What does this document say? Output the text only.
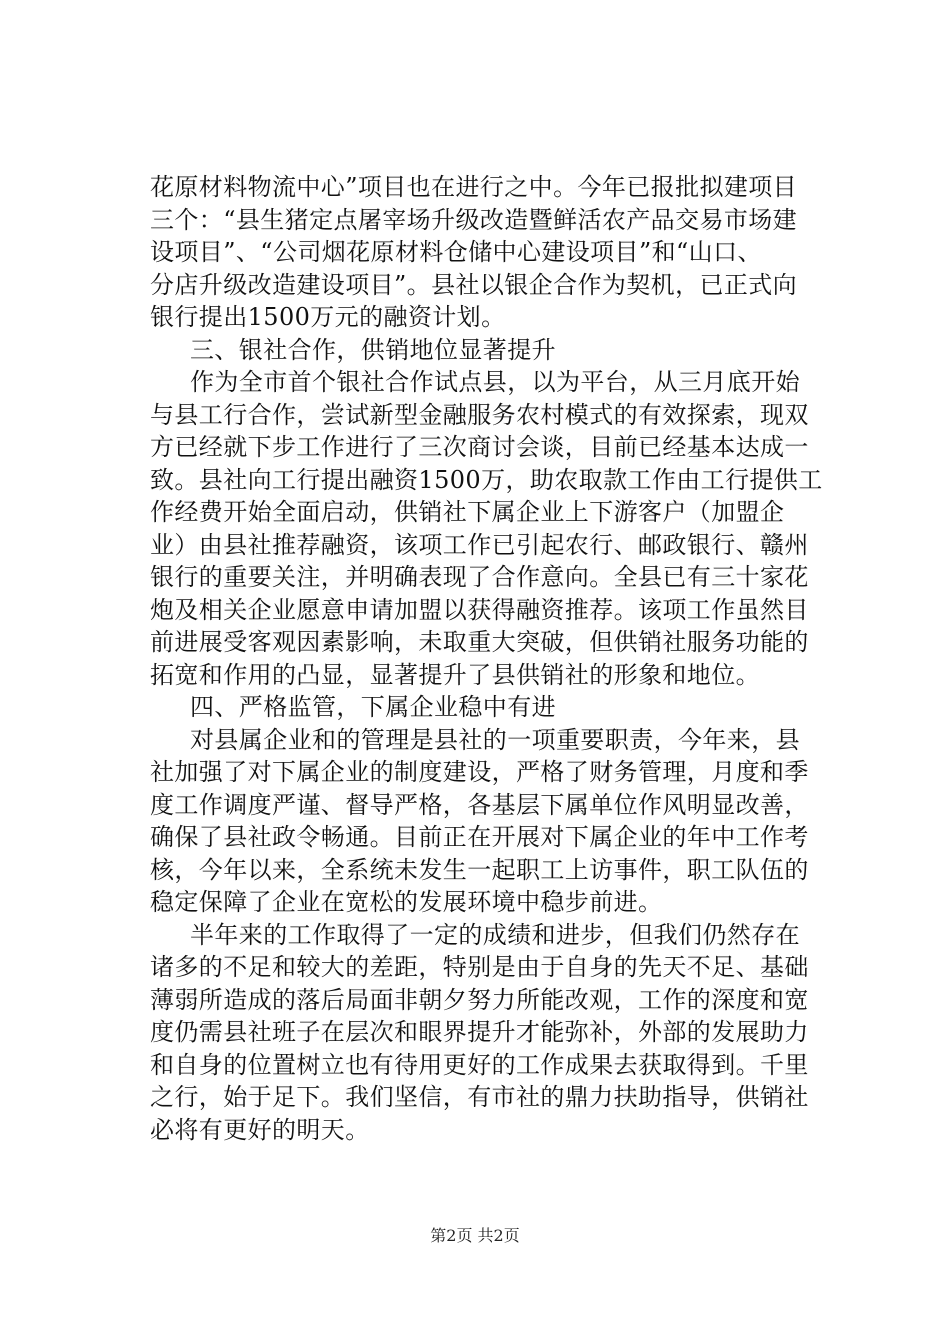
花原材料物流中心”项目也在进行之中。今年已报批拟建项目
三个：“县生猪定点屠宰场升级改造暨鲜活农产品交易市场建
设项目”、“公司烟花原材料仓储中心建设项目”和“山口、
分店升级改造建设项目”。县社以银企合作为契机，已正式向
银行提出1500万元的融资计划。
三、银社合作，供销地位显著提升
作为全市首个银社合作试点县，以为平台，从三月底开始
与县工行合作，尝试新型金融服务农村模式的有效探索，现双
方已经就下步工作进行了三次商讨会谈，目前已经基本达成一
致。县社向工行提出融资1500万，助农取款工作由工行提供工
作经费开始全面启动，供销社下属企业上下游客户（加盟企
业）由县社推荐融资，该项工作已引起农行、邮政银行、赣州
银行的重要关注，并明确表现了合作意向。全县已有三十家花
炮及相关企业愿意申请加盟以获得融资推荐。该项工作虽然目
前进展受客观因素影响，未取重大突破，但供销社服务功能的
拓宽和作用的凸显，显著提升了县供销社的形象和地位。
四、严格监管，下属企业稳中有进
对县属企业和的管理是县社的一项重要职责，今年来，县
社加强了对下属企业的制度建设，严格了财务管理，月度和季
度工作调度严谨、督导严格，各基层下属单位作风明显改善，
确保了县社政令畅通。目前正在开展对下属企业的年中工作考
核，今年以来，全系统未发生一起职工上访事件，职工队伍的
稳定保障了企业在宽松的发展环境中稳步前进。
半年来的工作取得了一定的成绩和进步，但我们仍然存在
诸多的不足和较大的差距，特别是由于自身的先天不足、基础
薄弱所造成的落后局面非朝夕努力所能改观，工作的深度和宽
度仍需县社班子在层次和眼界提升才能弥补，外部的发展助力
和自身的位置树立也有待用更好的工作成果去获取得到。千里
之行，始于足下。我们坚信，有市社的鼎力扶助指导，供销社
必将有更好的明天。
第2页 共2页
